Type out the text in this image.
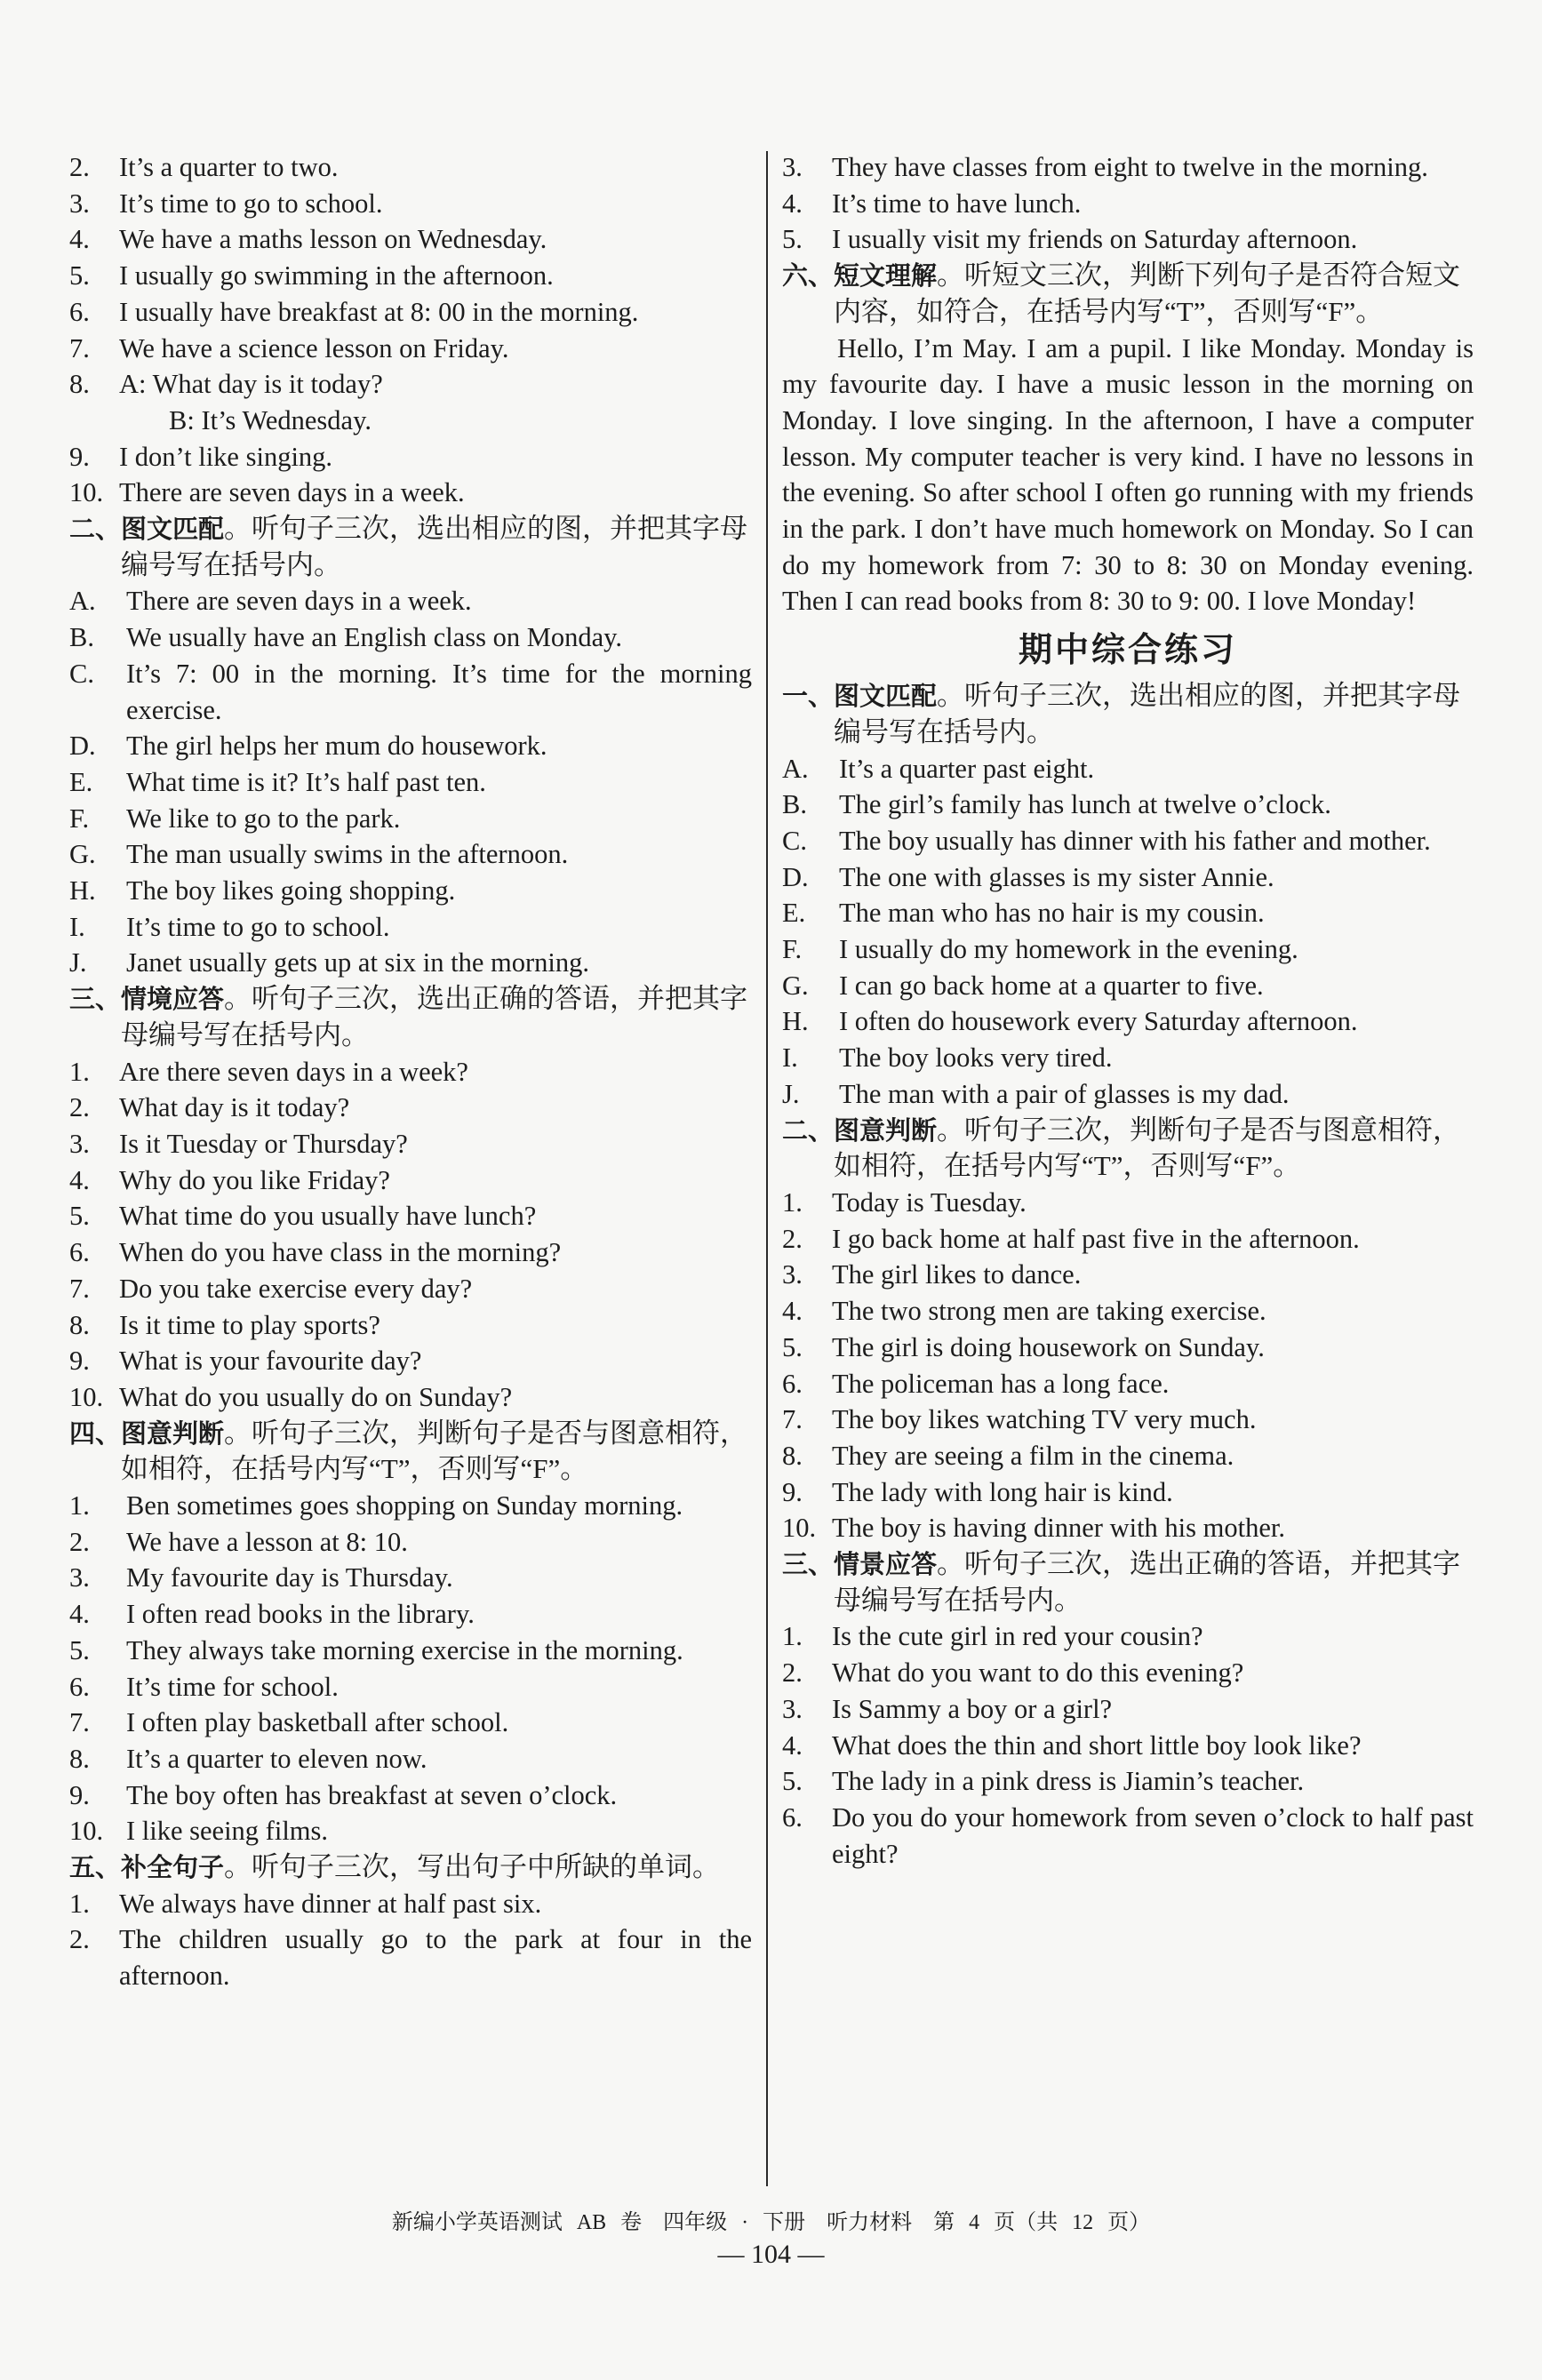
2.	It’s a quarter to two.
3.	It’s time to go to school.
4.	We have a maths lesson on Wednesday.
5.	I usually go swimming in the afternoon.
6.	I usually have breakfast at 8: 00 in the morning.
7.	We have a science lesson on Friday.
8.	A: What day is it today?
B: It’s Wednesday.
9.	I don’t like singing.
10. There are seven days in a week.
二、 图文匹配。听句子三次，选出相应的图，并把其字母编号写在括号内。
A.	There are seven days in a week.
B.	We usually have an English class on Monday.
C.	It’s 7: 00 in the morning. It’s time for the morning exercise.
D.	The girl helps her mum do housework.
E.	What time is it? It’s half past ten.
F.	We like to go to the park.
G.	The man usually swims in the afternoon.
H.	The boy likes going shopping.
I.	It’s time to go to school.
J.	Janet usually gets up at six in the morning.
三、 情境应答。听句子三次，选出正确的答语，并把其字母编号写在括号内。
1.	Are there seven days in a week?
2.	What day is it today?
3.	Is it Tuesday or Thursday?
4.	Why do you like Friday?
5.	What time do you usually have lunch?
6.	When do you have class in the morning?
7.	Do you take exercise every day?
8.	Is it time to play sports?
9.	What is your favourite day?
10. What do you usually do on Sunday?
四、 图意判断。听句子三次，判断句子是否与图意相符，如相符，在括号内写“T”，否则写“F”。
1.	Ben sometimes goes shopping on Sunday morning.
2.	We have a lesson at 8: 10.
3.	My favourite day is Thursday.
4.	I often read books in the library.
5.	They always take morning exercise in the morning.
6.	It’s time for school.
7.	I often play basketball after school.
8.	It’s a quarter to eleven now.
9.	The boy often has breakfast at seven o’clock.
10. I like seeing films.
五、 补全句子。听句子三次，写出句子中所缺的单词。
1.	We always have dinner at half past six.
2.	The children usually go to the park at four in the afternoon.
3.	They have classes from eight to twelve in the morning.
4.	It’s time to have lunch.
5.	I usually visit my friends on Saturday afternoon.
六、 短文理解。听短文三次，判断下列句子是否符合短文内容，如符合，在括号内写“T”，否则写“F”。
Hello, I’m May. I am a pupil. I like Monday. Monday is my favourite day. I have a music lesson in the morning on Monday. I love singing. In the afternoon, I have a computer lesson. My computer teacher is very kind. I have no lessons in the evening. So after school I often go running with my friends in the park. I don’t have much homework on Monday. So I can do my homework from 7: 30 to 8: 30 on Monday evening. Then I can read books from 8: 30 to 9: 00. I love Monday!
期中综合练习
一、 图文匹配。听句子三次，选出相应的图，并把其字母编号写在括号内。
A.	It’s a quarter past eight.
B.	The girl’s family has lunch at twelve o’clock.
C.	The boy usually has dinner with his father and mother.
D.	The one with glasses is my sister Annie.
E.	The man who has no hair is my cousin.
F.	I usually do my homework in the evening.
G.	I can go back home at a quarter to five.
H.	I often do housework every Saturday afternoon.
I.	The boy looks very tired.
J.	The man with a pair of glasses is my dad.
二、 图意判断。听句子三次，判断句子是否与图意相符，如相符，在括号内写“T”，否则写“F”。
1.	Today is Tuesday.
2.	I go back home at half past five in the afternoon.
3.	The girl likes to dance.
4.	The two strong men are taking exercise.
5.	The girl is doing housework on Sunday.
6.	The policeman has a long face.
7.	The boy likes watching TV very much.
8.	They are seeing a film in the cinema.
9.	The lady with long hair is kind.
10. The boy is having dinner with his mother.
三、 情景应答。听句子三次，选出正确的答语，并把其字母编号写在括号内。
1.	Is the cute girl in red your cousin?
2.	What do you want to do this evening?
3.	Is Sammy a boy or a girl?
4.	What does the thin and short little boy look like?
5.	The lady in a pink dress is Jiamin’s teacher.
6.	Do you do your homework from seven o’clock to half past eight?
新编小学英语测试 AB 卷　四年级 · 下册　听力材料　第 4 页（共 12 页）
— 104 —
